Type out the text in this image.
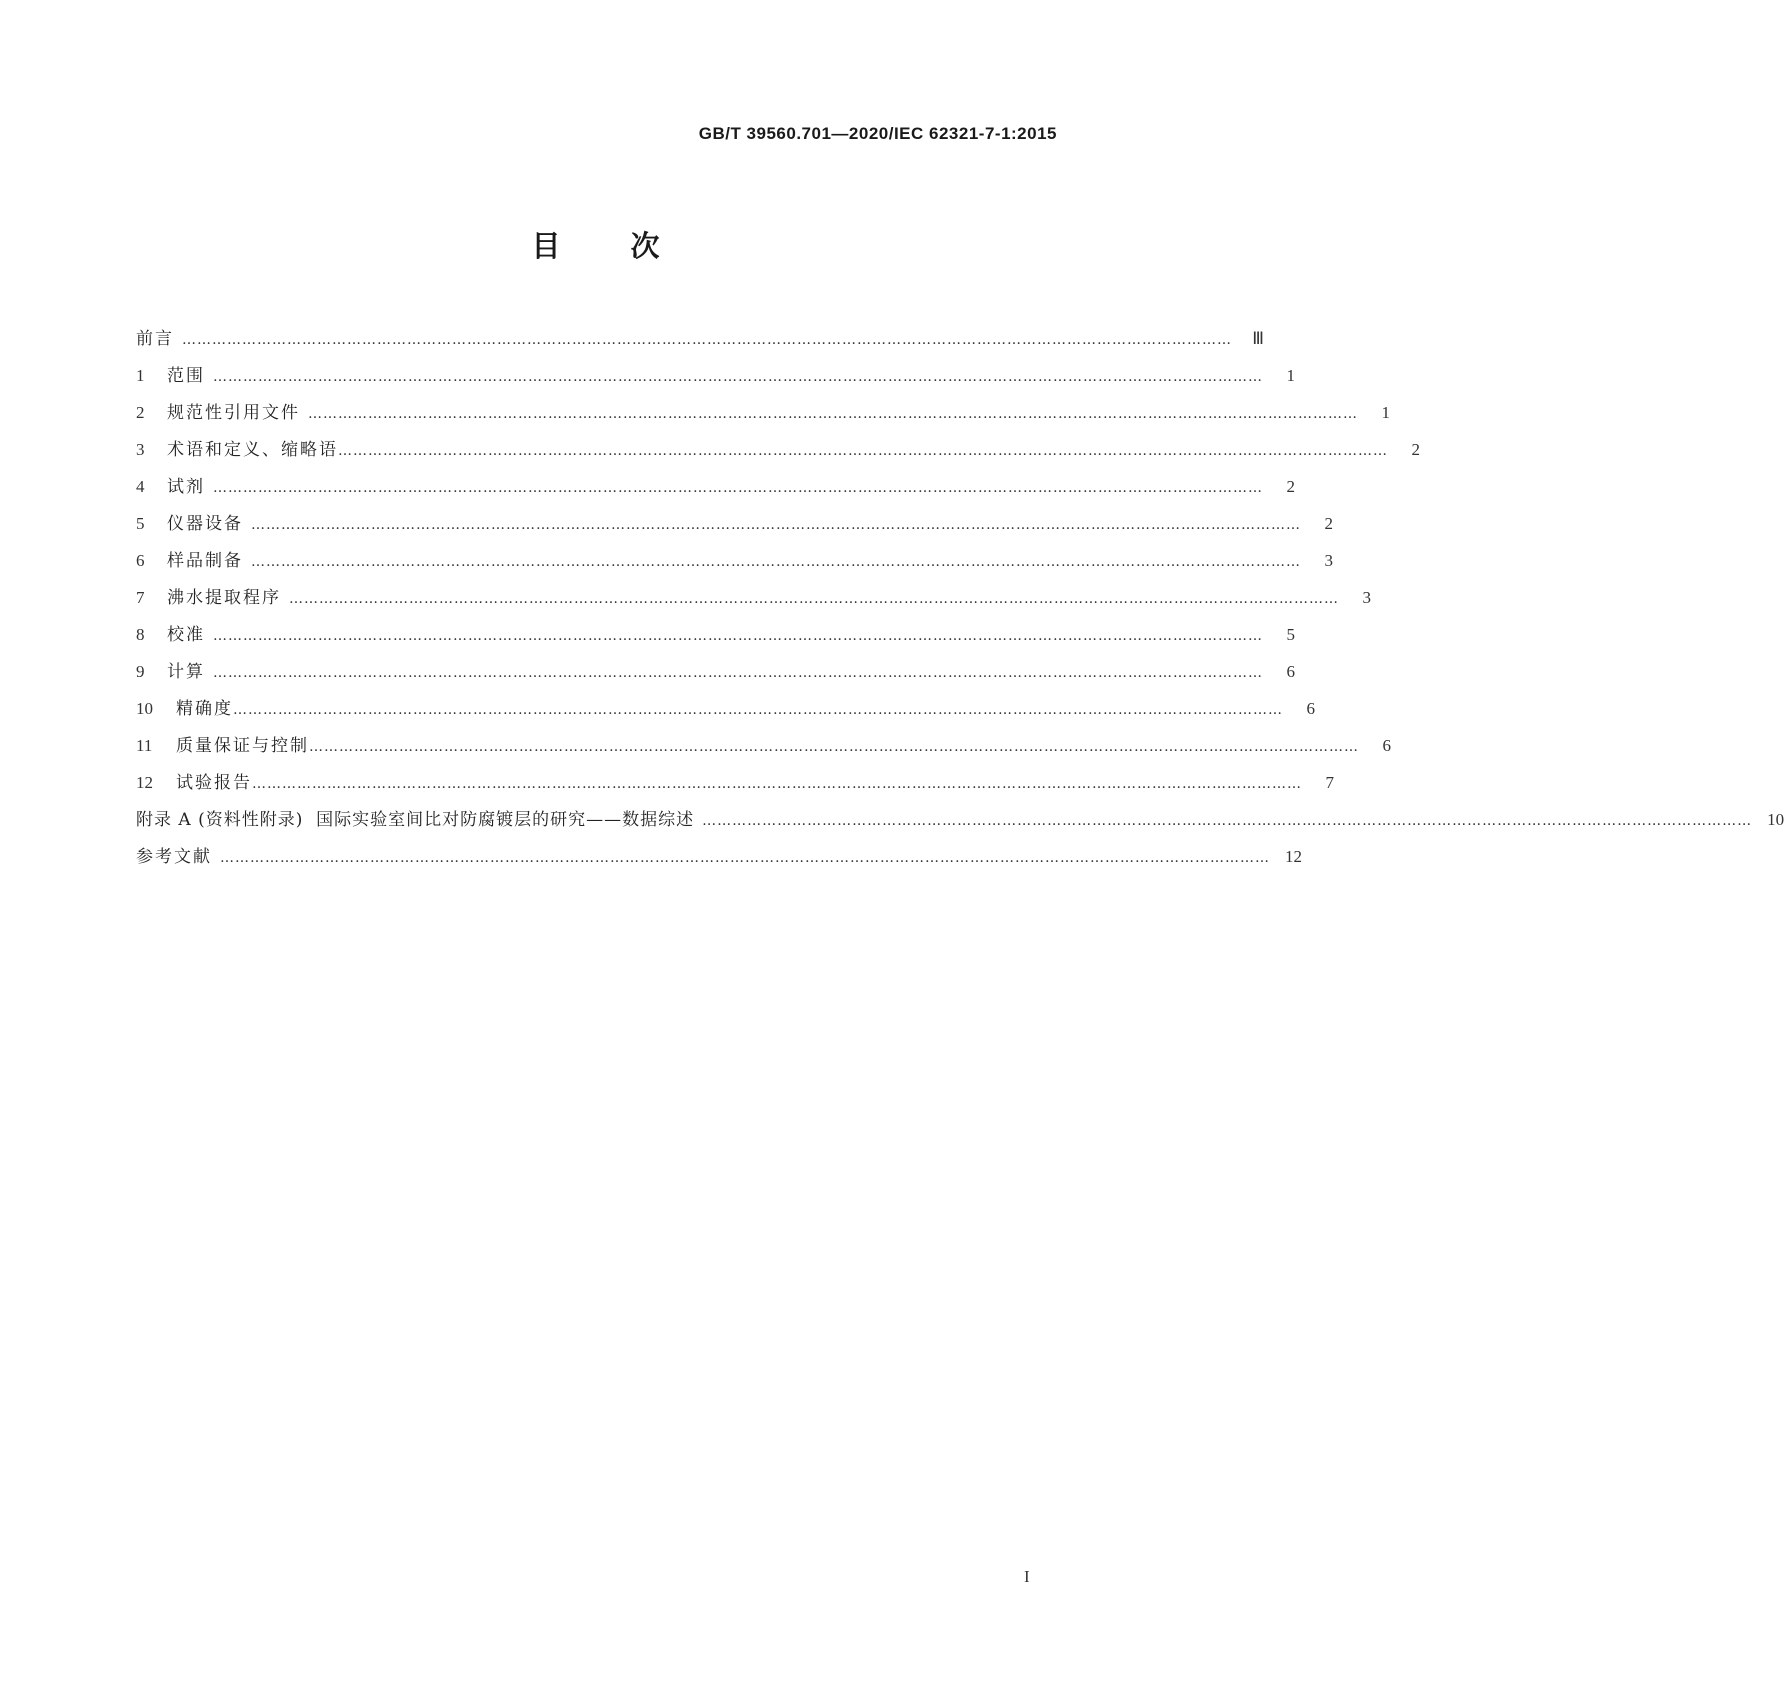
GB/T 39560.701—2020/IEC 62321-7-1:2015
目次
前言 …………………………………………………………………………………………………………………………………………………………………………………………	Ⅲ
1	范围 …………………………………………………………………………………………………………………………………………………………………………………………	1
2	规范性引用文件 …………………………………………………………………………………………………………………………………………………………………………………………	1
3	术语和定义、缩略语 …………………………………………………………………………………………………………………………………………………………………………………………	2
4	试剂 …………………………………………………………………………………………………………………………………………………………………………………………	2
5	仪器设备 …………………………………………………………………………………………………………………………………………………………………………………………	2
6	样品制备 …………………………………………………………………………………………………………………………………………………………………………………………	3
7	沸水提取程序 …………………………………………………………………………………………………………………………………………………………………………………………	3
8	校准 …………………………………………………………………………………………………………………………………………………………………………………………	5
9	计算 …………………………………………………………………………………………………………………………………………………………………………………………	6
10	精确度 …………………………………………………………………………………………………………………………………………………………………………………………	6
11	质量保证与控制 …………………………………………………………………………………………………………………………………………………………………………………………	6
12	试验报告 …………………………………………………………………………………………………………………………………………………………………………………………	7
附录 A (资料性附录)  国际实验室间比对防腐镀层的研究——数据综述 ………………………………………………………………………………………………………………………………………………………………………………………… 10
参考文献 ………………………………………………………………………………………………………………………………………………………………………………………… 12
I
